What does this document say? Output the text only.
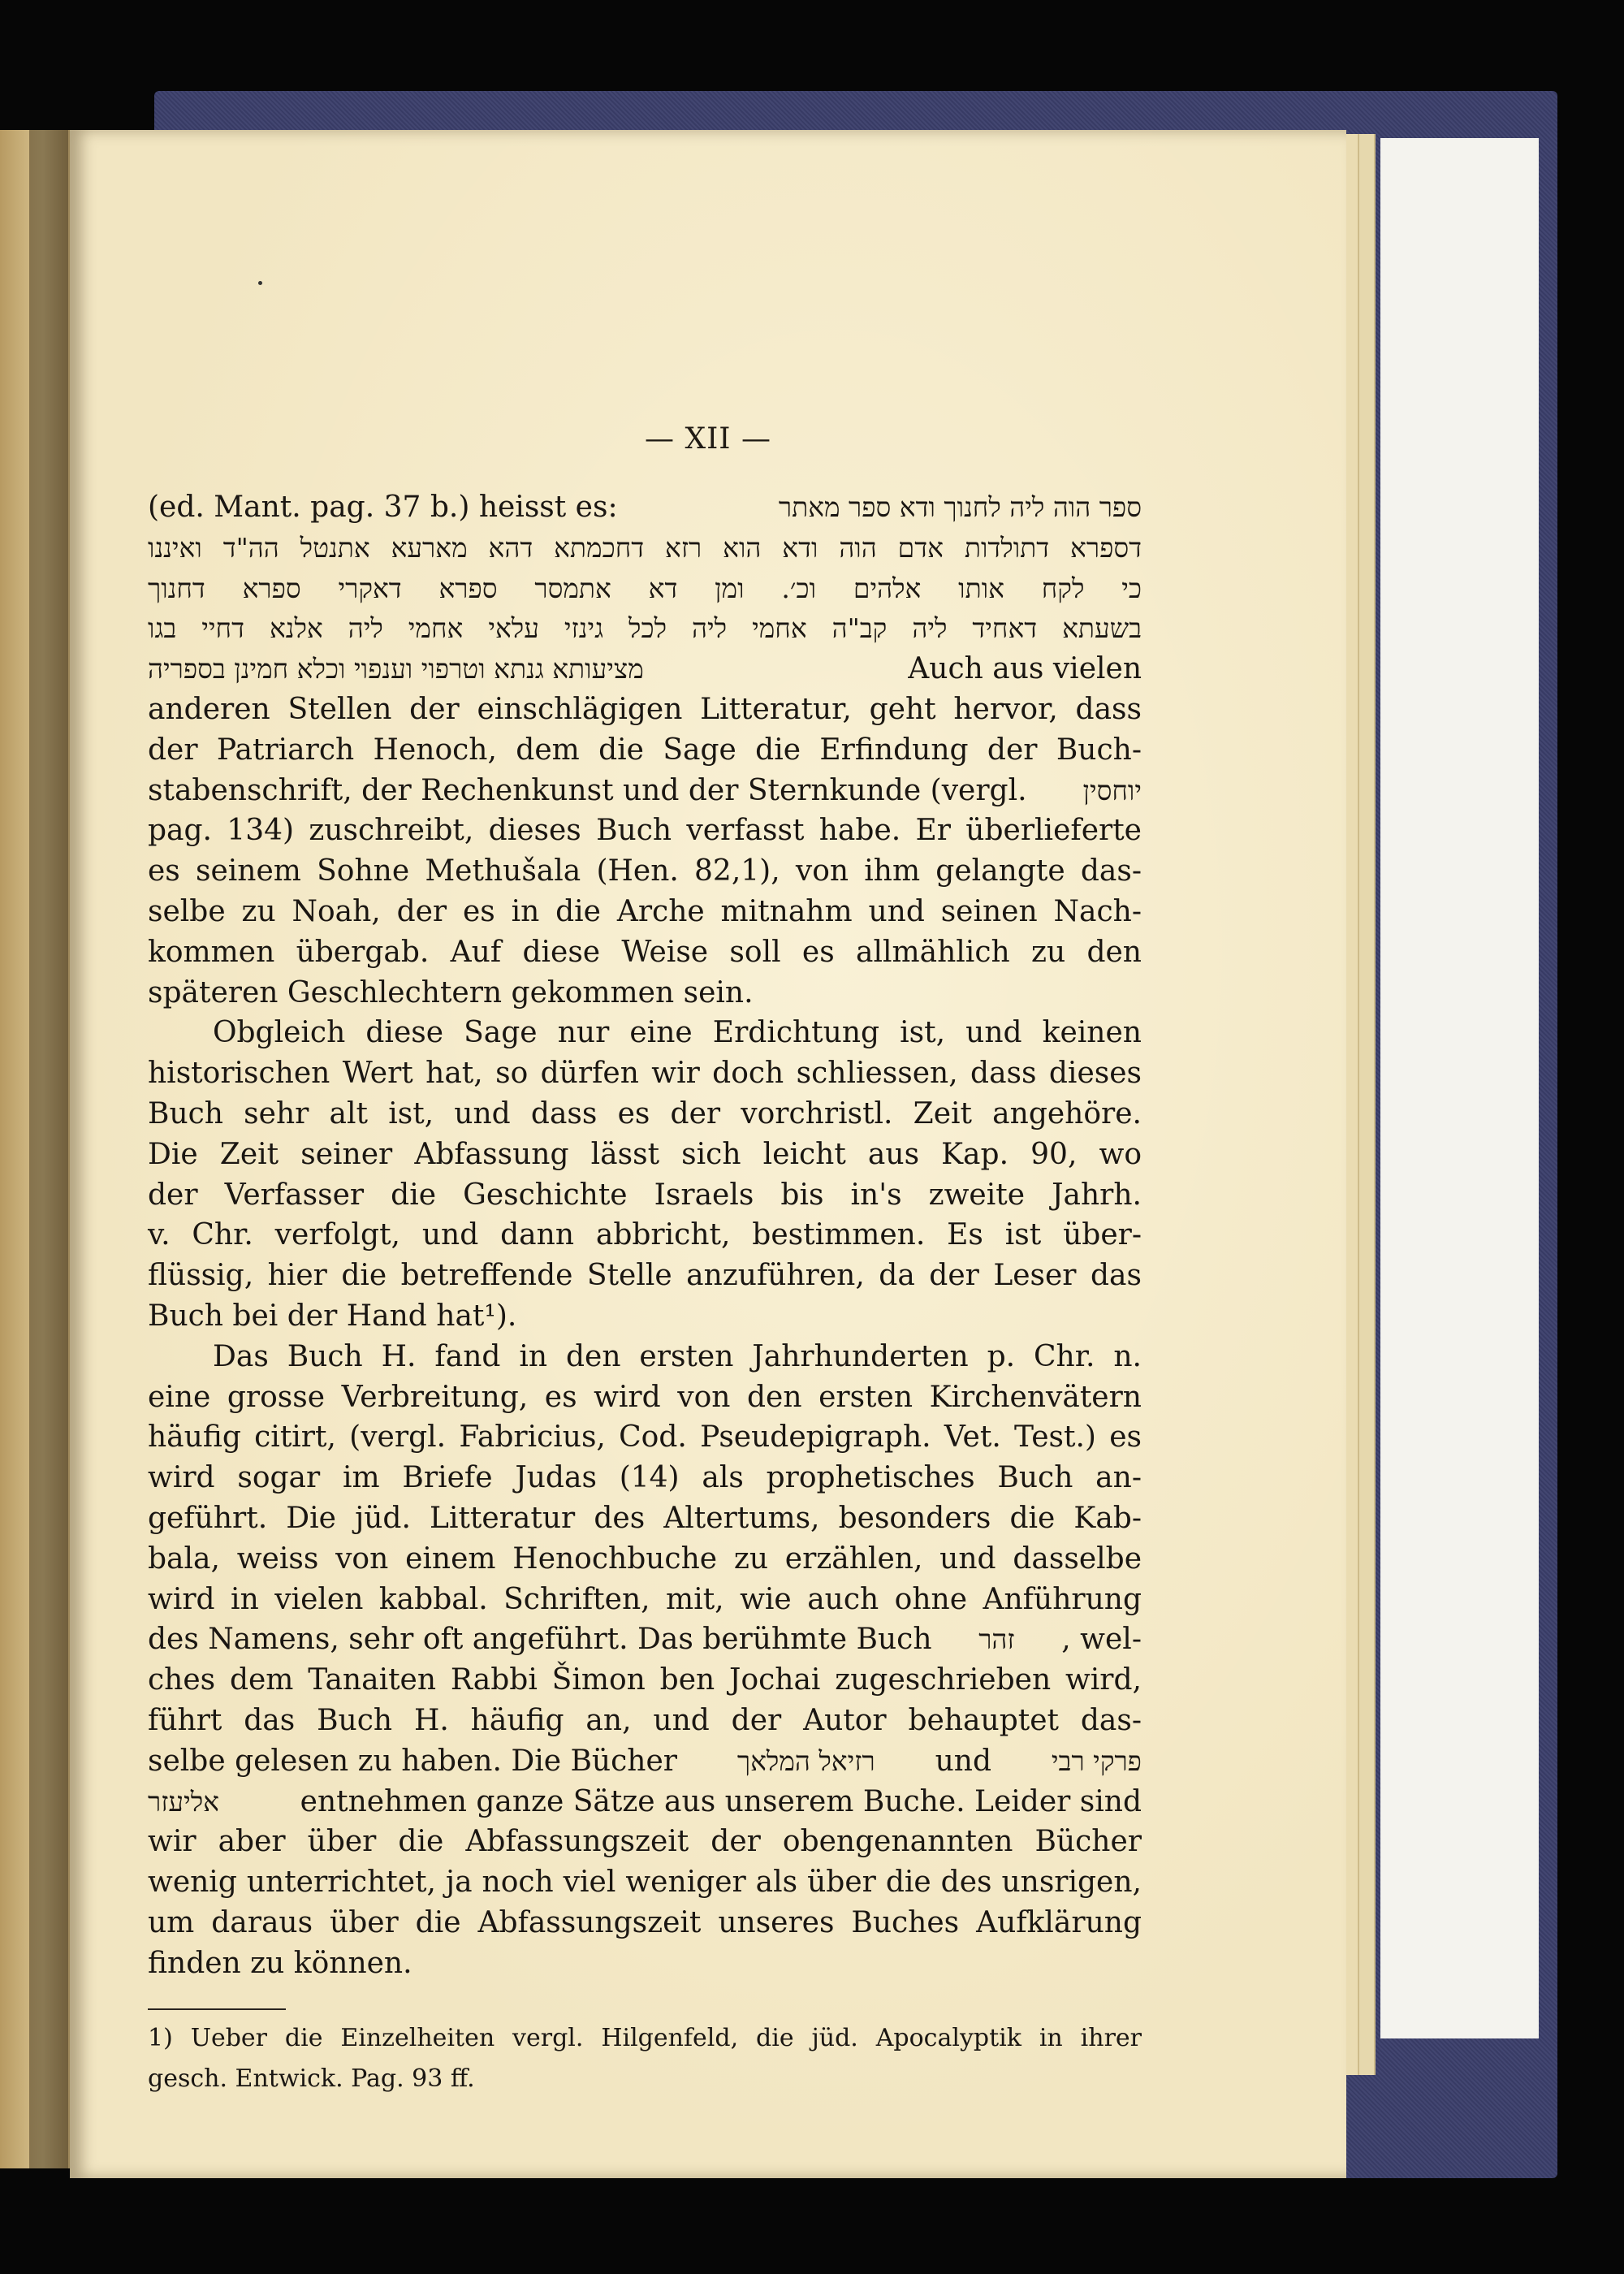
— XII —
(ed. Mant. pag. 37 b.) heisst es:	ספר הוה ליה לחנוך ודא ספר מאתר
דספרא דתולדות אדם הוה ודא הוא רזא דחכמתא דהא מארעא אתנטל הה"ד ואיננו
כי לקח אותו אלהים וכ׳. ומן דא אתמסר ספרא דאקרי ספרא דחנוך
בשעתא דאחיד ליה קב"ה אחמי ליה לכל גינזי עלאי אחמי ליה אלנא דחיי בגו
מציעותא גנתא וטרפוי וענפוי וכלא חמינן בספריה	Auch aus vielen
anderen Stellen der einschlägigen Litteratur, geht hervor, dass
der Patriarch Henoch, dem die Sage die Erfindung der Buch-
stabenschrift, der Rechenkunst und der Sternkunde (vergl. יוחסין
pag. 134) zuschreibt, dieses Buch verfasst habe. Er überlieferte
es seinem Sohne Methušala (Hen. 82,1), von ihm gelangte das-
selbe zu Noah, der es in die Arche mitnahm und seinen Nach-
kommen übergab. Auf diese Weise soll es allmählich zu den
späteren Geschlechtern gekommen sein.
Obgleich diese Sage nur eine Erdichtung ist, und keinen
historischen Wert hat, so dürfen wir doch schliessen, dass dieses
Buch sehr alt ist, und dass es der vorchristl. Zeit angehöre.
Die Zeit seiner Abfassung lässt sich leicht aus Kap. 90, wo
der Verfasser die Geschichte Israels bis in's zweite Jahrh.
v. Chr. verfolgt, und dann abbricht, bestimmen. Es ist über-
flüssig, hier die betreffende Stelle anzuführen, da der Leser das
Buch bei der Hand hat¹).
Das Buch H. fand in den ersten Jahrhunderten p. Chr. n.
eine grosse Verbreitung, es wird von den ersten Kirchenvätern
häufig citirt, (vergl. Fabricius, Cod. Pseudepigraph. Vet. Test.) es
wird sogar im Briefe Judas (14) als prophetisches Buch an-
geführt. Die jüd. Litteratur des Altertums, besonders die Kab-
bala, weiss von einem Henochbuche zu erzählen, und dasselbe
wird in vielen kabbal. Schriften, mit, wie auch ohne Anführung
des Namens, sehr oft angeführt. Das berühmte Buch זהר , wel-
ches dem Tanaiten Rabbi Šimon ben Jochai zugeschrieben wird,
führt das Buch H. häufig an, und der Autor behauptet das-
selbe gelesen zu haben. Die Bücher רזיאל המלאך und פרקי רבי
אליעזר	entnehmen ganze Sätze aus unserem Buche. Leider sind
wir aber über die Abfassungszeit der obengenannten Bücher
wenig unterrichtet, ja noch viel weniger als über die des unsrigen,
um daraus über die Abfassungszeit unseres Buches Aufklärung
finden zu können.
1) Ueber die Einzelheiten vergl. Hilgenfeld, die jüd. Apocalyptik in ihrer
gesch. Entwick. Pag. 93 ff.
